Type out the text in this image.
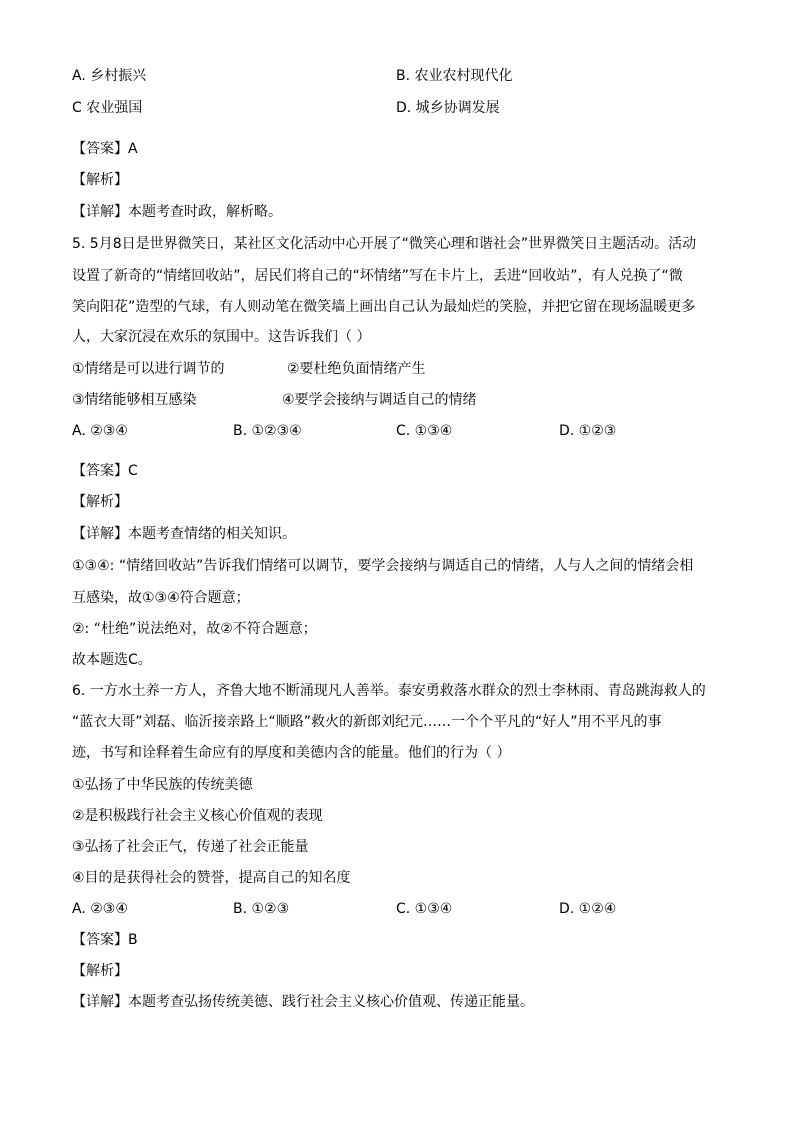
A. 乡村振兴	B. 农业农村现代化
C 农业强国	D. 城乡协调发展
【答案】A
【解析】
【详解】本题考查时政，解析略。
5. 5月8日是世界微笑日，某社区文化活动中心开展了“微笑心理和谐社会”世界微笑日主题活动。活动
设置了新奇的“情绪回收站”，居民们将自己的“坏情绪”写在卡片上，丢进“回收站”，有人兑换了“微
笑向阳花”造型的气球，有人则动笔在微笑墙上画出自己认为最灿烂的笑脸，并把它留在现场温暖更多
人，大家沉浸在欢乐的氛围中。这告诉我们（ ）
①情绪是可以进行调节的	②要杜绝负面情绪产生
③情绪能够相互感染	④要学会接纳与调适自己的情绪
A. ②③④	B. ①②③④	C. ①③④	D. ①②③
【答案】C
【解析】
【详解】本题考查情绪的相关知识。
①③④: “情绪回收站”告诉我们情绪可以调节，要学会接纳与调适自己的情绪，人与人之间的情绪会相
互感染，故①③④符合题意；
②: “杜绝”说法绝对，故②不符合题意；
故本题选C。
6. 一方水土养一方人，齐鲁大地不断涌现凡人善举。泰安勇救落水群众的烈士李林雨、青岛跳海救人的
“蓝衣大哥”刘磊、临沂接亲路上“顺路”救火的新郎刘纪元……一个个平凡的“好人”用不平凡的事
迹，书写和诠释着生命应有的厚度和美德内含的能量。他们的行为（ ）
①弘扬了中华民族的传统美德
②是积极践行社会主义核心价值观的表现
③弘扬了社会正气，传递了社会正能量
④目的是获得社会的赞誉，提高自己的知名度
A. ②③④	B. ①②③	C. ①③④	D. ①②④
【答案】B
【解析】
【详解】本题考查弘扬传统美德、践行社会主义核心价值观、传递正能量。
